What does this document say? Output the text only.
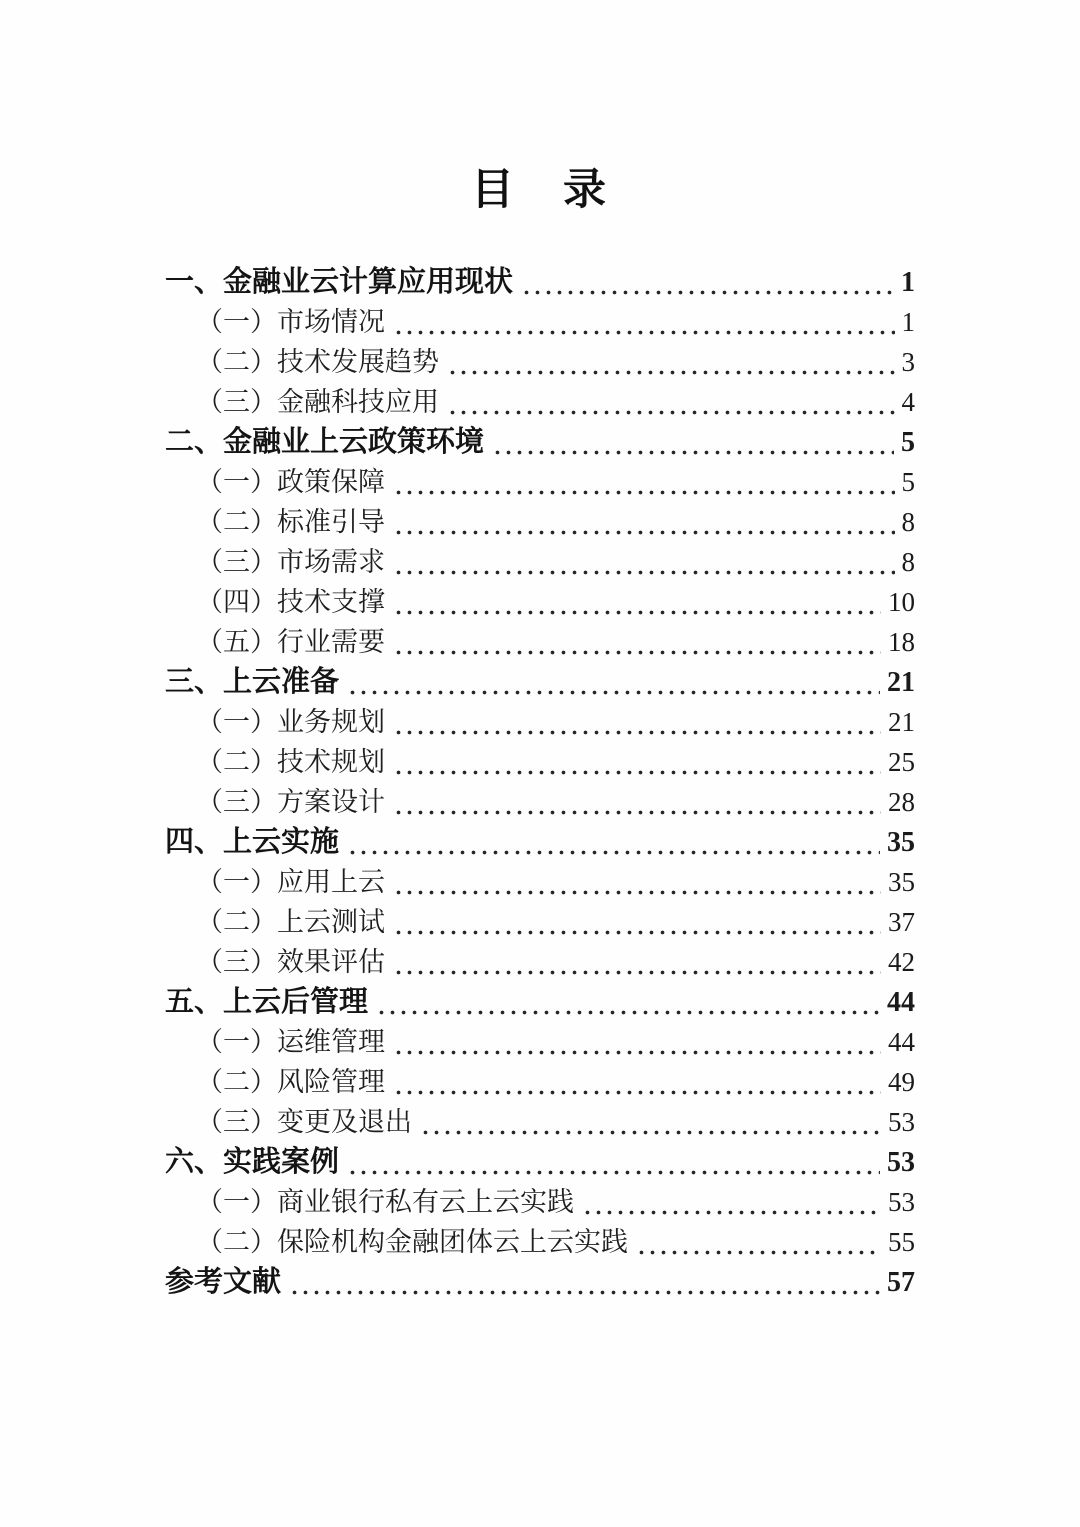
目　录
一、金融业云计算应用现状	1
（一）市场情况	1
（二）技术发展趋势	3
（三）金融科技应用	4
二、金融业上云政策环境	5
（一）政策保障	5
（二）标准引导	8
（三）市场需求	8
（四）技术支撑	10
（五）行业需要	18
三、上云准备	21
（一）业务规划	21
（二）技术规划	25
（三）方案设计	28
四、上云实施	35
（一）应用上云	35
（二）上云测试	37
（三）效果评估	42
五、上云后管理	44
（一）运维管理	44
（二）风险管理	49
（三）变更及退出	53
六、实践案例	53
（一）商业银行私有云上云实践	53
（二）保险机构金融团体云上云实践	55
参考文献	57
